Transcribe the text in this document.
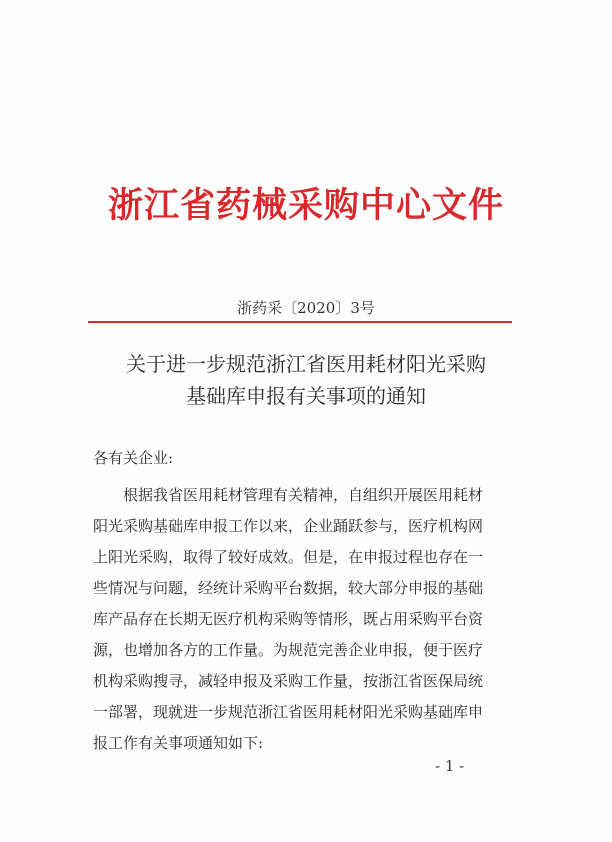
浙江省药械采购中心文件
浙药采〔2020〕3号
关于进一步规范浙江省医用耗材阳光采购
基础库申报有关事项的通知
各有关企业:
根据我省医用耗材管理有关精神，自组织开展医用耗材
阳光采购基础库申报工作以来，企业踊跃参与，医疗机构网
上阳光采购，取得了较好成效。但是，在申报过程也存在一
些情况与问题，经统计采购平台数据，较大部分申报的基础
库产品存在长期无医疗机构采购等情形，既占用采购平台资
源，也增加各方的工作量。为规范完善企业申报，便于医疗
机构采购搜寻，减轻申报及采购工作量，按浙江省医保局统
一部署，现就进一步规范浙江省医用耗材阳光采购基础库申
报工作有关事项通知如下:
- 1 -
